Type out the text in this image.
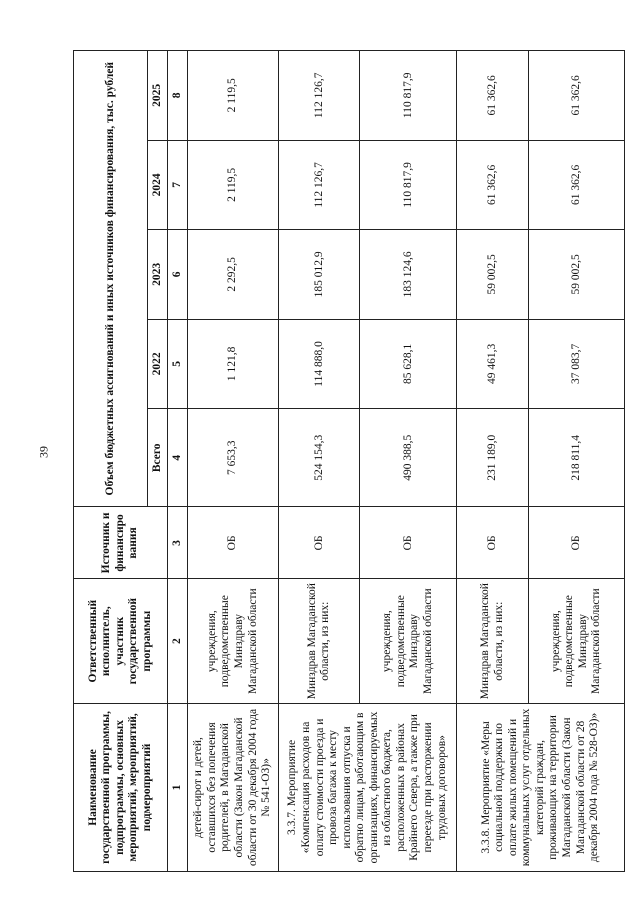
39
Наименование государственной программы, подпрограммы, основных мероприятий, мероприятий, подмероприятий	Ответственный исполнитель, участник государственной программы	Источник и финансиро вания	Объем бюджетных ассигнований и иных источников финансирования, тыс. рублей				
			Всего	2022	2023	2024	2025
1	2	3	4	5	6	7	8
детей-сирот и детей, оставшихся без попечения родителей, в Магаданской области (Закон Магаданской области от 30 декабря 2004 года № 541-ОЗ)»	учреждения, подведомственные Минздраву Магаданской области	ОБ	7 653,3	1 121,8	2 292,5	2 119,5	2 119,5
3.3.7. Мероприятие «Компенсация расходов на оплату стоимости проезда и провоза багажа к месту использования отпуска и обратно лицам, работающим в организациях, финансируемых из областного бюджета, расположенных в районах Крайнего Севера, а также при переезде при расторжении трудовых договоров»	Минздрав Магаданской области, из них:	ОБ	524 154,3	114 888,0	185 012,9	112 126,7	112 126,7
	учреждения, подведомственные Минздраву Магаданской области	ОБ	490 388,5	85 628,1	183 124,6	110 817,9	110 817,9
3.3.8. Мероприятие «Меры социальной поддержки по оплате жилых помещений и коммунальных услуг отдельных категорий граждан, проживающих на территории Магаданской области (Закон Магаданской области от 28 декабря 2004 года № 528-ОЗ)»	Минздрав Магаданской области, из них:	ОБ	231 189,0	49 461,3	59 002,5	61 362,6	61 362,6
	учреждения, подведомственные Минздраву Магаданской области	ОБ	218 811,4	37 083,7	59 002,5	61 362,6	61 362,6
